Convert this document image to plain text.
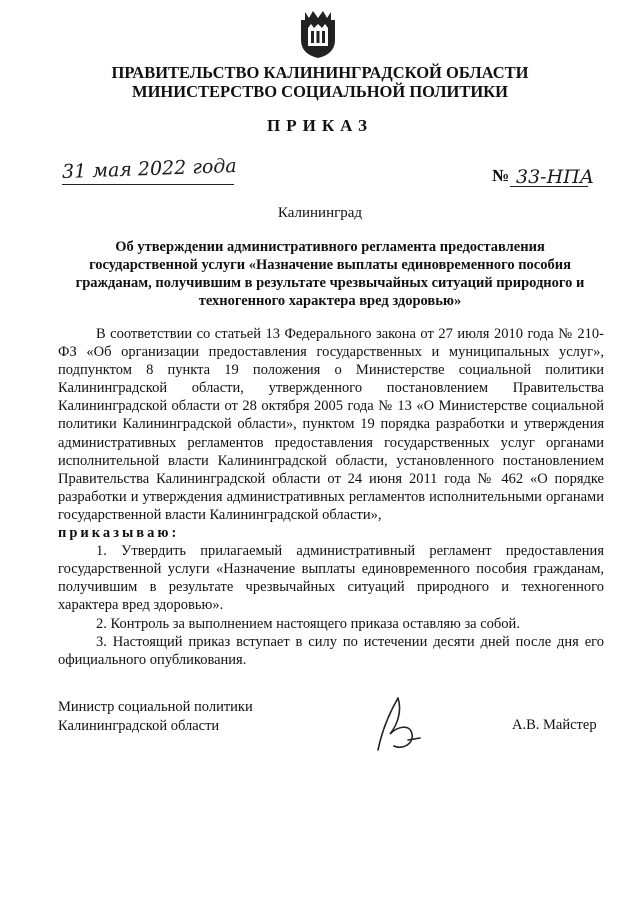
ПРАВИТЕЛЬСТВО КАЛИНИНГРАДСКОЙ ОБЛАСТИ
МИНИСТЕРСТВО СОЦИАЛЬНОЙ ПОЛИТИКИ
ПРИКАЗ
31 мая 2022 года	№ 33-НПА
Калининград
Об утверждении административного регламента предоставления государственной услуги «Назначение выплаты единовременного пособия гражданам, получившим в результате чрезвычайных ситуаций природного и техногенного характера вред здоровью»

В соответствии со статьей 13 Федерального закона от 27 июля 2010 года № 210-ФЗ «Об организации предоставления государственных и муниципальных услуг», подпунктом 8 пункта 19 положения о Министерстве социальной политики Калининградской области, утвержденного постановлением Правительства Калининградской области от 28 октября 2005 года № 13 «О Министерстве социальной политики Калининградской области», пунктом 19 порядка разработки и утверждения административных регламентов предоставления государственных услуг органами исполнительной власти Калининградской области, установленного постановлением Правительства Калининградской области от 24 июня 2011 года № 462 «О порядке разработки и утверждения административных регламентов исполнительными органами государственной власти Калининградской области»,

приказываю:

1. Утвердить прилагаемый административный регламент предоставления государственной услуги «Назначение выплаты единовременного пособия гражданам, получившим в результате чрезвычайных ситуаций природного и техногенного характера вред здоровью».

2. Контроль за выполнением настоящего приказа оставляю за собой.

3. Настоящий приказ вступает в силу по истечении десяти дней после дня его официального опубликования.

Министр социальной политики
Калининградской области	А.В. Майстер
